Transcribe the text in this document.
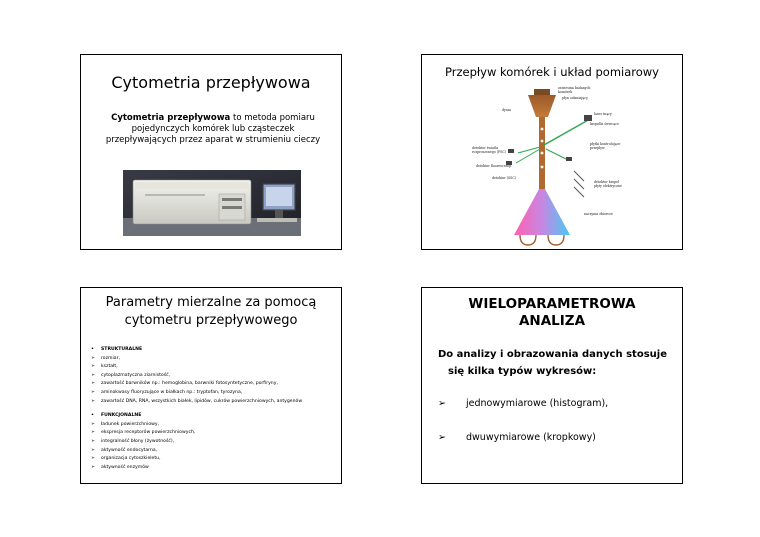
Cytometria przepływowa
Cytometria przepływowa to metoda pomiaru
pojedynczych komórek lub cząsteczek
przepływających przez aparat w strumieniu cieczy
Przepływ komórek i układ pomiarowy
zawiesina badanych
komórek
płyn osłaniający
dysza
laser tnący
kropelki świecące
detektor światła
rozproszonego (FSC)
detektor fluorescencji
detektor (SSC)
płytki kontrolujące
przepływ
detektor kropel
płyty elektryczne
naczynia zbiorcze
Parametry mierzalne za pomocą
cytometru przepływowego
• STRUKTURALNE
➢ rozmiar,
➢ kształt,
➢ cytoplazmatyczna ziarnistość,
➢ zawartość barwników np.: hemoglobina, barwniki fotosyntetyczne, porfiryny,
➢ aminokwasy fluoryzujące w białkach np.: tryptofan, tyrozyna,
➢ zawartość DNA, RNA, wszystkich białek, lipidów, cukrów powierzchniowych, antygenów
• FUNKCJONALNE
➢ ładunek powierzchniowy,
➢ ekspresja receptorów powierzchniowych,
➢ integralność błony (żywotność),
➢ aktywność endocytarna,
➢ organizacja cytoszkieletu,
➢ aktywność enzymów
WIELOPARAMETROWA
ANALIZA
Do analizy i obrazowania danych stosuje
się kilka typów wykresów:
➢ jednowymiarowe (histogram),
➢ dwuwymiarowe (kropkowy)
